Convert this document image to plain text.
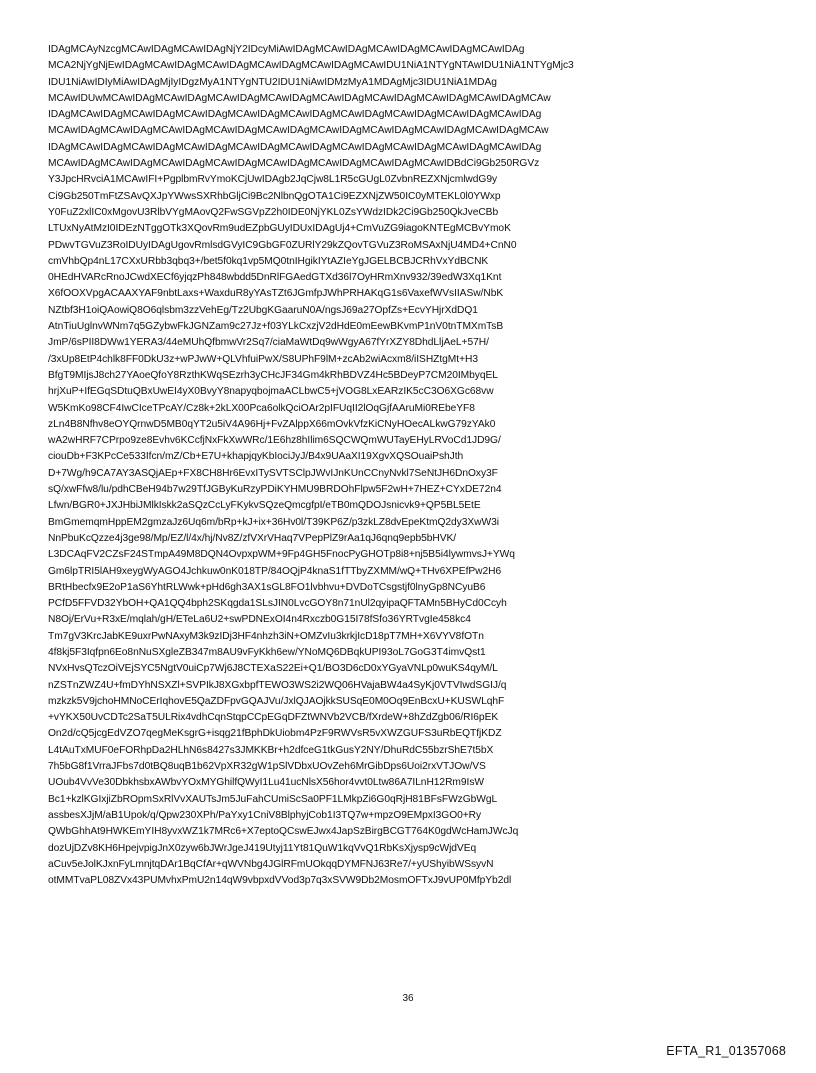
IDAgMCAyNzcgMCAwIDAgMCAwIDAgNjY2IDcyMiAwIDAgMCAwIDAgMCAwIDAgMCAwIDAgMCAwIDAg
MCA2NjYgNjEwIDAgMCAwIDAgMCAwIDAgMCAwIDAgMCAwIDAgMCAwIDU1NiA1NTYgNTAwIDU1NiA1NTYgMjc3
IDU1NiAwIDIyMiAwIDAgMjIyIDgzMyA1NTYgNTU2IDU1NiAwIDMzMyA1MDAgMjc3IDU1NiA1MDAg
MCAwIDUwMCAwIDAgMCAwIDAgMCAwIDAgMCAwIDAgMCAwIDAgMCAwIDAgMCAwIDAgMCAwIDAgMCAw
IDAgMCAwIDAgMCAwIDAgMCAwIDAgMCAwIDAgMCAwIDAgMCAwIDAgMCAwIDAgMCAwIDAgMCAwIDAg
MCAwIDAgMCAwIDAgMCAwIDAgMCAwIDAgMCAwIDAgMCAwIDAgMCAwIDAgMCAwIDAgMCAwIDAgMCAw
IDAgMCAwIDAgMCAwIDAgMCAwIDAgMCAwIDAgMCAwIDAgMCAwIDAgMCAwIDAgMCAwIDAgMCAwIDAg
MCAwIDAgMCAwIDAgMCAwIDAgMCAwIDAgMCAwIDAgMCAwIDAgMCAwIDAgMCAwIDBdCi9Gb250RGVz
Y3JpcHRvciA1MCAwIFI+PgplbmRvYmoKCjUwIDAgb2JqCjw8L1R5cGUgL0ZvbnREZXNjcmlwdG9y
Ci9Gb250TmFtZSAvQXJpYWwsSXRhbGljCi9Bc2NlbnQgOTA1Ci9EZXNjZW50IC0yMTEKL0l0YWxp
Y0FuZ2xlIC0xMgovU3RlbVYgMAovQ2FwSGVpZ2h0IDE0NjYKL0ZsYWdzIDk2Ci9Gb250QkJveCBb
LTUxNyAtMzI0IDEzNTggOTk3XQovRm9udEZpbGUyIDUxIDAgUj4+CmVuZG9iagoKNTEgMCBvYmoK
PDwvTGVuZ3RoIDUyIDAgUgovRmlsdGVyIC9GbGF0ZURlY29kZQovTGVuZ3RoMSAxNjU4MD4+CnN0
cmVhbQp4nL17CXxURbb3qbq3+/bet5f0kq1vp5MQ0tnIHgikIYtAZIeYgJGELBCBJCRhVxYdBCNK
0HEdHVARcRnoJCwdXECf6yjqzPh848wbdd5DnRlFGAedGTXd36l7OyHRmXnv932/39edW3Xq1Knt
X6fOOXVpgACAAXYAF9nbtLaxs+WaxduR8yYAsTZt6JGmfpJWhPRHAKqG1s6VaxefWVsIIASw/NbK
NZtbf3H1oiQAowiQ8O6qlsbm3zzVehEg/Tz2UbgKGaaruN0A/ngsJ69a27OpfZs+EcvYHjrXdDQ1
AtnTiuUglnvWNm7q5GZybwFkJGNZam9c27Jz+f03YLkCxzjV2dHdE0mEewBKvmP1nV0tnTMXmTsB
JmP/6sPII8DWw1YERA3/44eMUhQfbmwVr2Sq7/ciaMaWtDq9wWgyA67fYrXZY8DhdLljAeL+57H/
/3xUp8EtP4chlk8FF0DkU3z+wPJwW+QLVhfuiPwX/S8UPhF9lM+zcAb2wiAcxm8/iISHZtgMt+H3
BfgT9MIjsJ8ch27YAoeQfoY8RzthKWqSEzrh3yCHcJF34Gm4kRhBDVZ4Hc5BDeyP7CM20IMbyqEL
hrjXuP+IfEGqSDtuQBxUwEI4yX0BvyY8napyqbojmaACLbwC5+jVOG8LxEARzIK5cC3O6XGc68vw
W5KmKo98CF4IwCIceTPcAY/Cz8k+2kLX00Pca6olkQciOAr2pIFUqII2lOqGjfAAruMi0REbeYF8
zLn4B8Nfhv8eOYQrnwD5MB0qYT2u5iV4A96Hj+FvZAlppX66mOvkVfzKiCNyHOecALkwG79zYAk0
wA2wHRF7CPrpo9ze8Evhv6KCcfjNxFkXwWRc/1E6hz8hIlim6SQCWQmWUTayEHyLRVoCd1JD9G/
ciouDb+F3KPcCe533Ifcn/mZ/Cb+E7U+khapjqyKbIociJyJ/B4x9UAaXI19XgvXQSOuaiPshJth
D+7Wg/h9CA7AY3ASQjAEp+FX8CH8Hr6EvxITySVTSClpJWvIJnKUnCCnyNvkl7SeNtJH6DnOxy3F
sQ/xwFfw8/lu/pdhCBeH94b7w29TfJGByKuRzyPDiKYHMU9BRDOhFlpw5F2wH+7HEZ+CYxDE72n4
Lfwn/BGR0+JXJHbiJMlkIskk2aSQzCcLyFKykvSQzeQmcgfpI/eTB0mQDOJsnicvk9+QP5BL5EtE
BmGmemqmHppEM2gmzaJz6Uq6m/bRp+kJ+ix+36Hv0l/T39KP6Z/p3zkLZ8dvEpeKtmQ2dy3XwW3i
NnPbuKcQzze4j3ge98/Mp/EZ/l/4x/hj/Nv8Z/zfVXrVHaq7VPepPlZ9rAa1qJ6qnq9epb5bHVK/
L3DCAqFV2CZsF24STmpA49M8DQN4OvpxpWM+9Fp4GH5FnocPyGHOTp8i8+nj5B5i4lywmvsJ+YWq
Gm6lpTRI5lAH9xeygWyAGO4Jchkuw0nK018TP/84OQjP4knaS1fTTbyZXMM/wQ+THv6XPEfPw2H6
BRtHbecfx9E2oP1aS6YhtRLWwk+pHd6gh3AX1sGL8FO1lvbhvu+DVDoTCsgstjf0lnyGp8NCyuB6
PCfD5FFVD32YbOH+QA1QQ4bph2SKqgda1SLsJIN0LvcGOY8n71nUl2qyipaQFTAMn5BHyCd0Ccyh
N8Oj/ErVu+R3xE/mqlah/gH/ETeLa6U2+swPDNExOI4n4Rxczb0G15I78fSfo36YRTvgIe458kc4
Tm7gV3KrcJabKE9uxrPwNAxyM3k9zIDj3HF4nhzh3iN+OMZvIu3krkjIcD18pT7MH+X6VYV8fOTn
4f8kj5F3Iqfpn6Eo8nNuSXgleZB347m8AU9vFyKkh6ew/YNoMQ6DBqkUPI93oL7GoG3T4imvQst1
NVxHvsQTczOiVEjSYC5NgtV0uiCp7Wj6J8CTEXaS22Ei+Q1/BO3D6cD0xYGyaVNLp0wuKS4qyM/L
nZSTnZWZ4U+fmDYhNSXZl+SVPIkJ8XGxbpfTEWO3WS2i2WQ06HVajaBW4a4SyKj0VTVIwdSGIJ/q
mzkzk5V9jchoHMNoCErIqhovE5QaZDFpvGQAJVu/JxlQJAOjkkSUSqE0M0Oq9EnBcxU+KUSWLqhF
+vYKX50UvCDTc2SaT5ULRix4vdhCqnStqpCCpEGqDFZtWNVb2VCB/fXrdeW+8hZdZgb06/RI6pEK
On2d/cQ5jcgEdVZO7qegMeKsgrG+isqg21fBphDkUiobm4PzF9RWVsR5vXWZGUFS3uRbEQTfjKDZ
L4tAuTxMUF0eFORhpDa2HLhN6s8427s3JMKKBr+h2dfceG1tkGusY2NY/DhuRdC55bzrShE7t5bX
7h5bG8f1VrraJFbs7d0tBQ8uqB1b62VpXR32gW1pSlVDbxUOvZeh6MrGibDps6Uoi2rxVTJOw/VS
UOub4VvVe30DbkhsbxAWbvYOxMYGhilfQWyI1Lu41ucNlsX56hor4vvt0Ltw86A7ILnH12Rm9IsW
Bc1+kzlKGIxjiZbROpmSxRlVvXAUTsJm5JuFahCUmiScSa0PF1LMkpZi6G0qRjH81BFsFWzGbWgL
assbesXJjM/aB1Upok/q/Qpw230XPh/PaYxy1CniV8BlphyjCob1I3TQ7w+mpzO9EMpxI3GO0+Ry
QWbGhhAt9HWKEmYIH8yvxWZ1k7MRc6+X7eptoQCswEJwx4JapSzBirgBCGT764K0gdWcHamJWcJq
dozUjDZv8KH6HpejvpigJnX0zyw6bJWrJgeJ419Utyj11Yt81QuW1kqVvQ1RbKsXjysp9cWjdVEq
aCuv5eJolKJxnFyLmnjtqDAr1BqCfAr+qWVNbg4JGlRFmUOkqqDYMFNJ63Re7/+yUShyibWSsyvN
otMMTvaPL08ZVx43PUMvhxPmU2n14qW9vbpxdVVod3p7q3xSVW9Db2MosmOFTxJ9vUP0MfpYb2dl
36
EFTA_R1_01357068
